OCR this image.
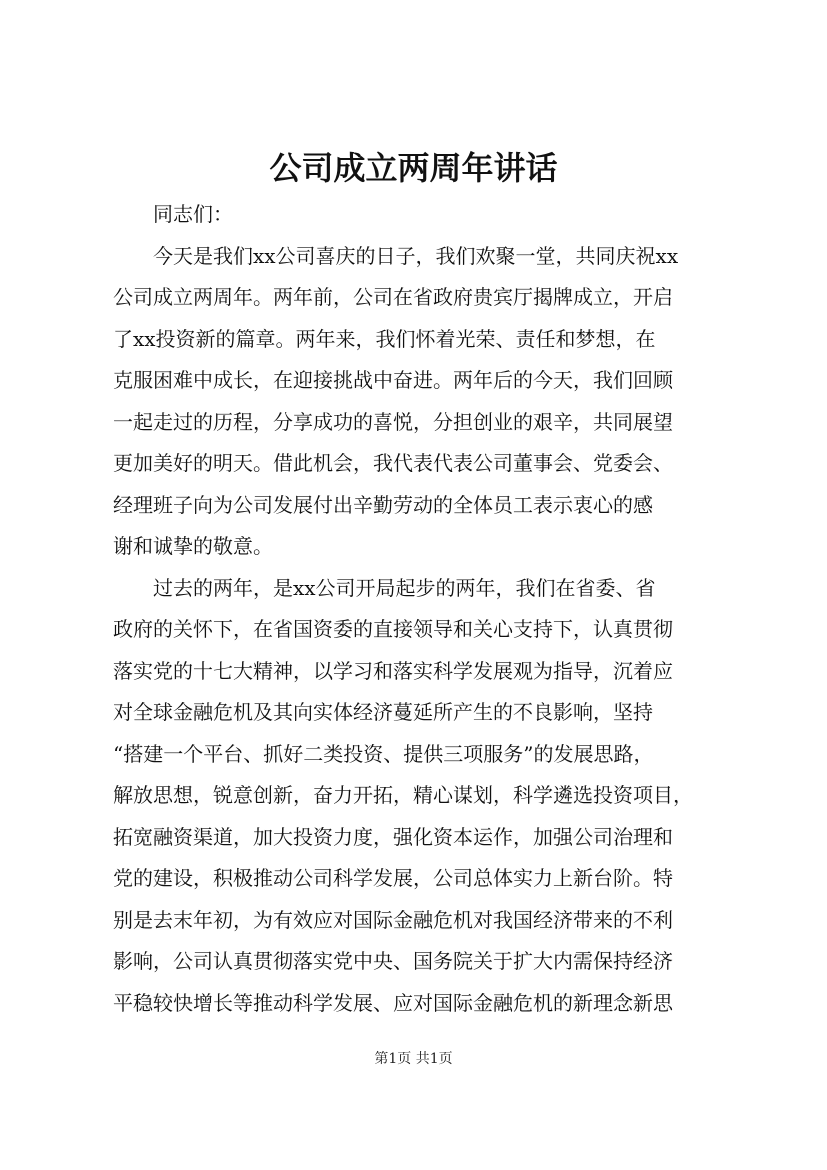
公司成立两周年讲话

　　同志们：

　　今天是我们xx公司喜庆的日子，我们欢聚一堂，共同庆祝xx

公司成立两周年。两年前，公司在省政府贵宾厅揭牌成立，开启

了xx投资新的篇章。两年来，我们怀着光荣、责任和梦想，在

克服困难中成长，在迎接挑战中奋进。两年后的今天，我们回顾

一起走过的历程，分享成功的喜悦，分担创业的艰辛，共同展望

更加美好的明天。借此机会，我代表代表公司董事会、党委会、

经理班子向为公司发展付出辛勤劳动的全体员工表示衷心的感

谢和诚挚的敬意。

　　过去的两年，是xx公司开局起步的两年，我们在省委、省

政府的关怀下，在省国资委的直接领导和关心支持下，认真贯彻

落实党的十七大精神，以学习和落实科学发展观为指导，沉着应

对全球金融危机及其向实体经济蔓延所产生的不良影响，坚持

“搭建一个平台、抓好二类投资、提供三项服务”的发展思路，

解放思想，锐意创新，奋力开拓，精心谋划，科学遴选投资项目，

拓宽融资渠道，加大投资力度，强化资本运作，加强公司治理和

党的建设，积极推动公司科学发展，公司总体实力上新台阶。特

别是去末年初，为有效应对国际金融危机对我国经济带来的不利

影响，公司认真贯彻落实党中央、国务院关于扩大内需保持经济

平稳较快增长等推动科学发展、应对国际金融危机的新理念新思

第1页 共1页
